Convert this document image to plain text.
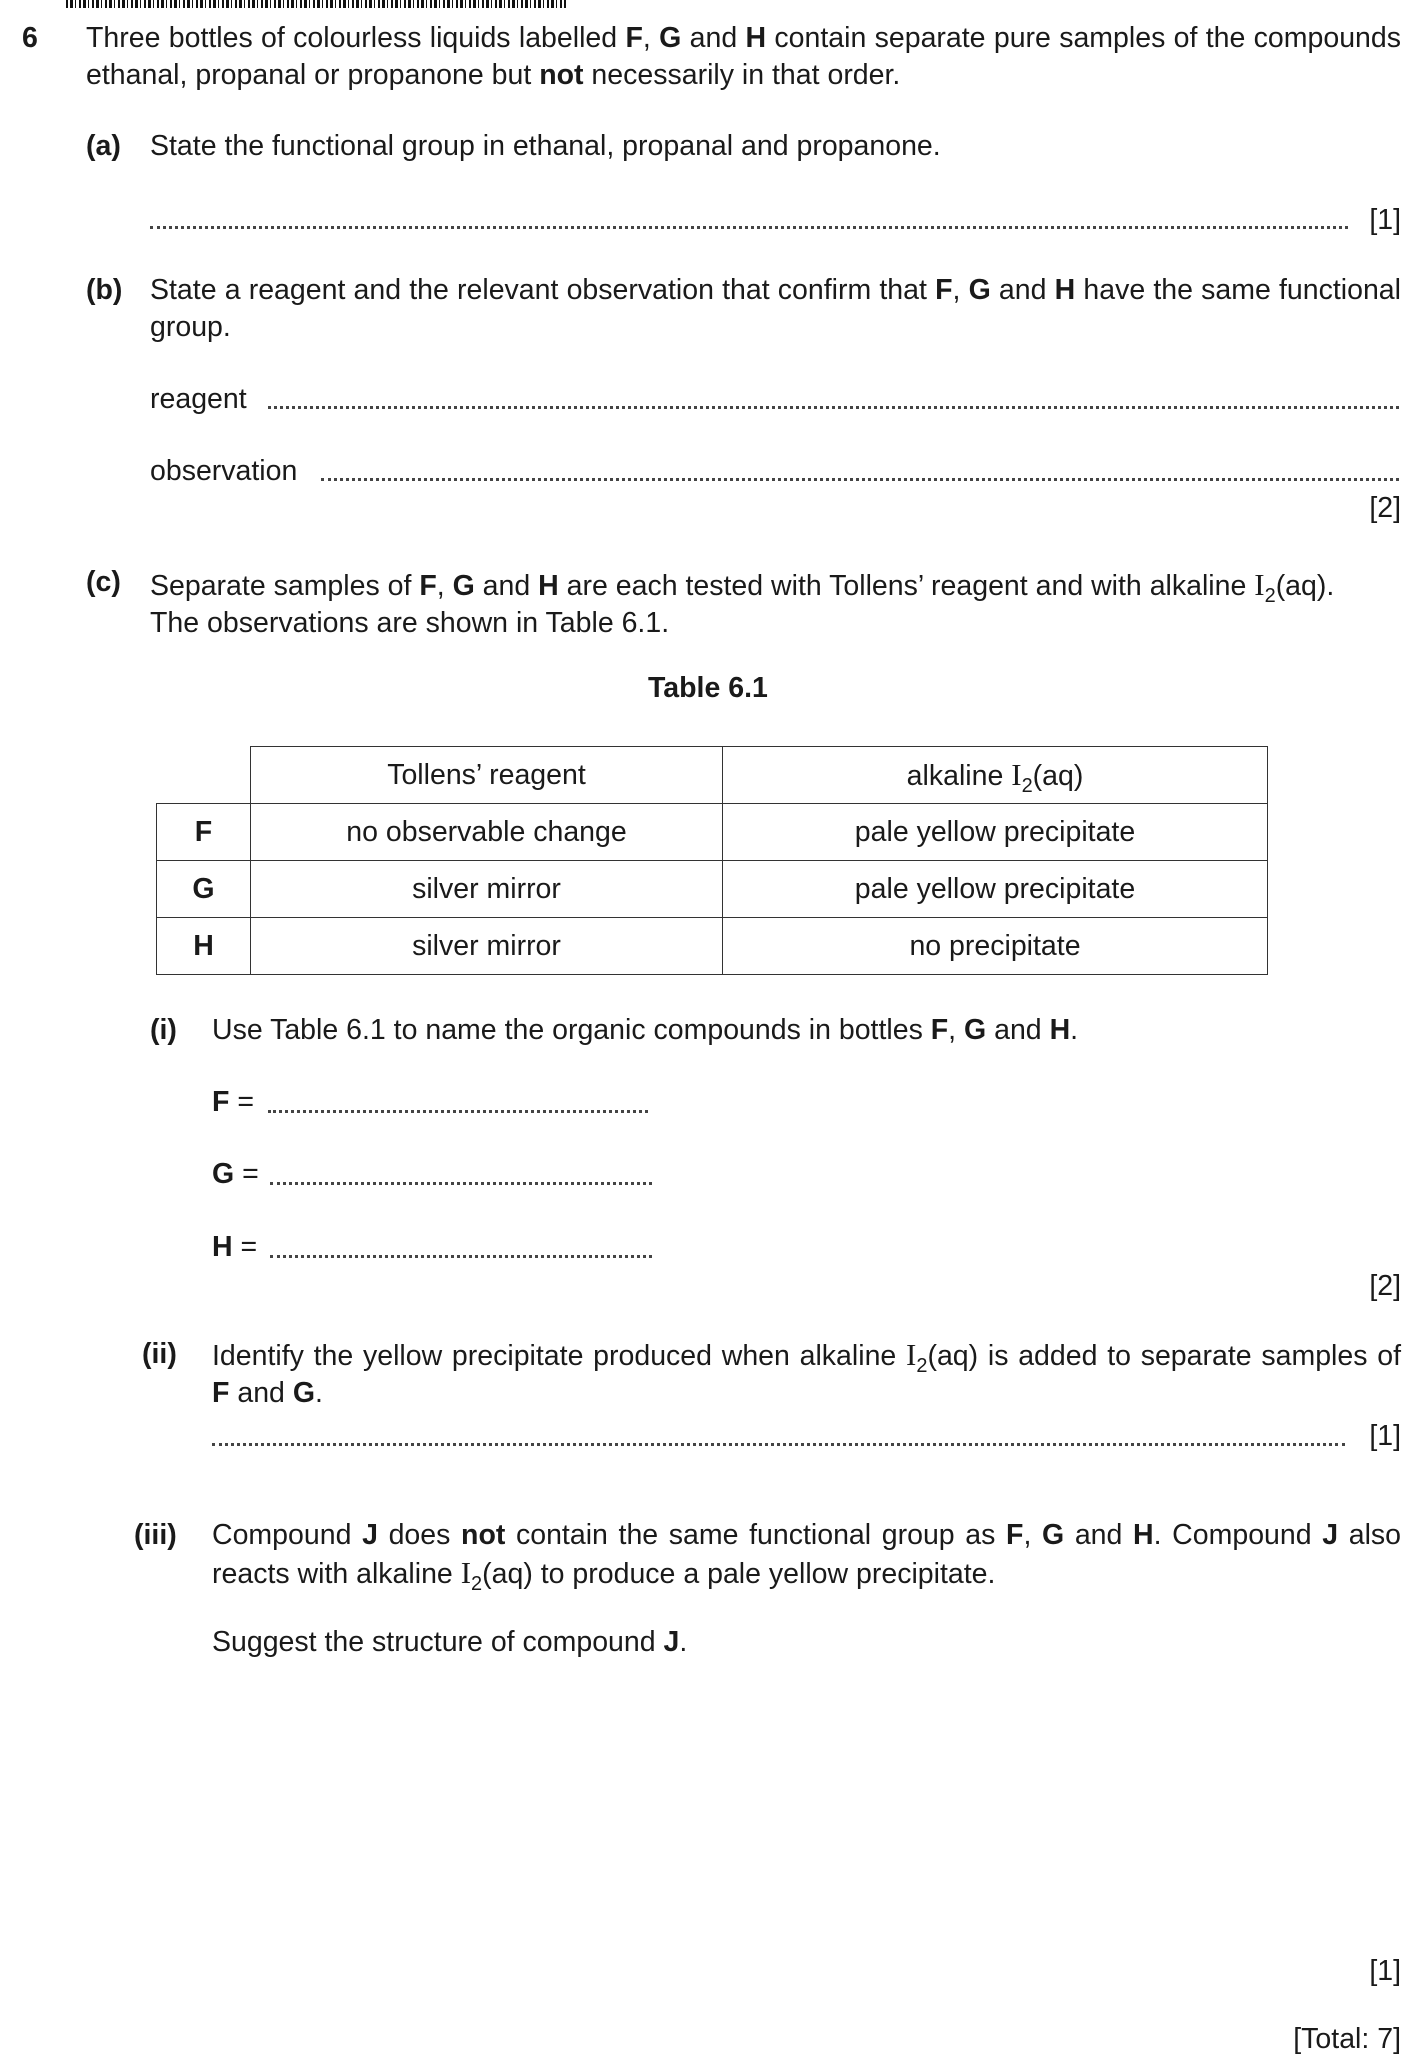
6 Three bottles of colourless liquids labelled F, G and H contain separate pure samples of the compounds ethanal, propanal or propanone but not necessarily in that order.
(a) State the functional group in ethanal, propanal and propanone.
[1]
(b) State a reagent and the relevant observation that confirm that F, G and H have the same functional group.
reagent
observation
[2]
(c) Separate samples of F, G and H are each tested with Tollens’ reagent and with alkaline $I_2(aq)$.
The observations are shown in Table 6.1.
Table 6.1
	Tollens’ reagent	alkaline $I_2(aq)$
F	no observable change	pale yellow precipitate
G	silver mirror	pale yellow precipitate
H	silver mirror	no precipitate
(i) Use Table 6.1 to name the organic compounds in bottles F, G and H.
F =
G =
H =
[2]
(ii) Identify the yellow precipitate produced when alkaline $I_2(aq)$ is added to separate samples of F and G.
[1]
(iii) Compound J does not contain the same functional group as F, G and H. Compound J also reacts with alkaline $I_2(aq)$ to produce a pale yellow precipitate.
Suggest the structure of compound J.
[1]
[Total: 7]
